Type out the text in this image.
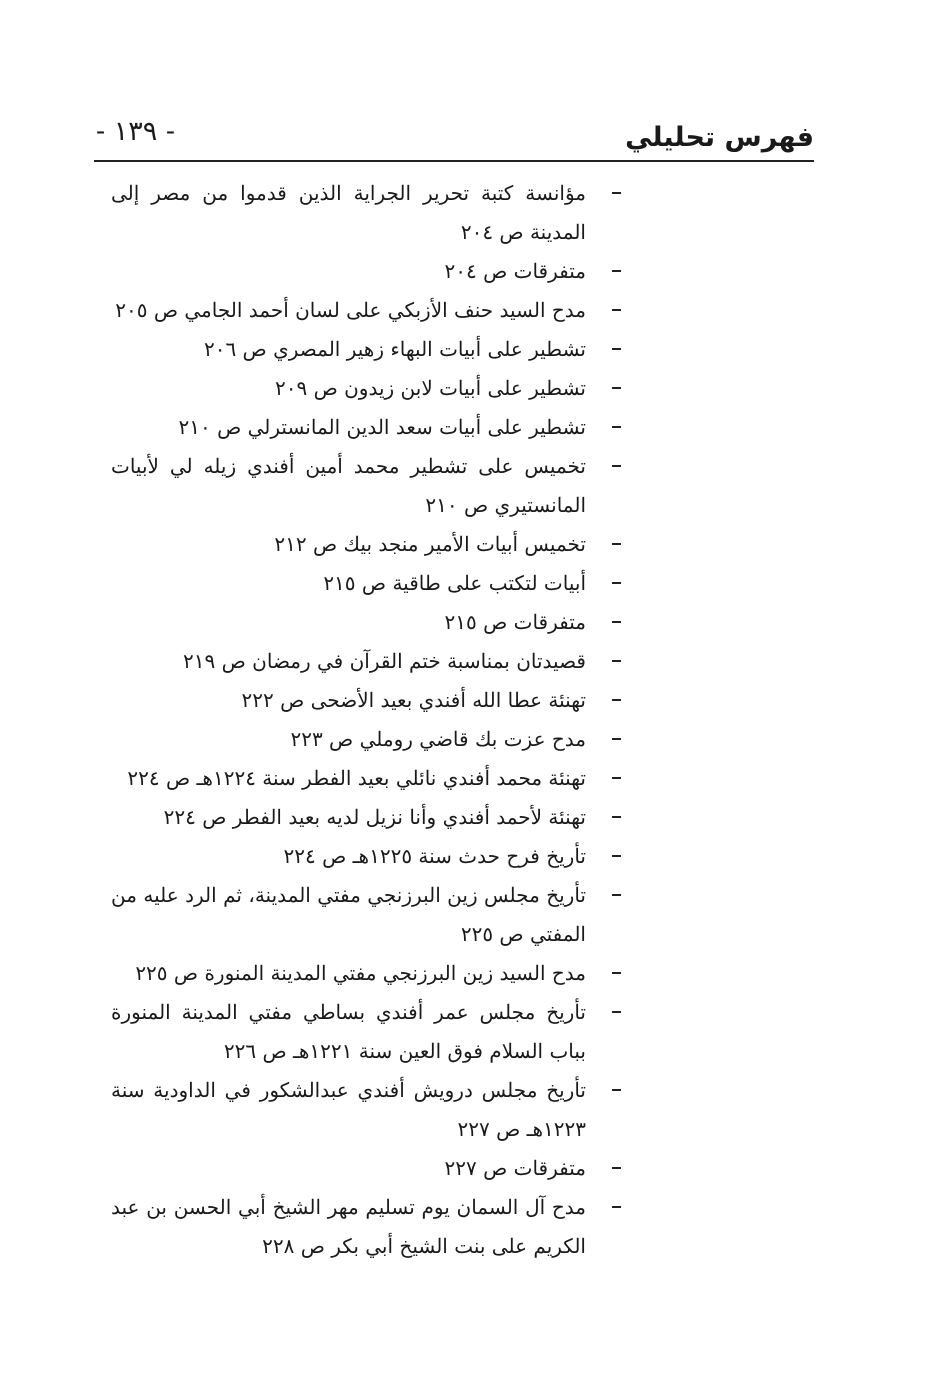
فهرس تحليلي
- ١٣٩ -
مؤانسة كتبة تحرير الجراية الذين قدموا من مصر إلى المدينة ص ٢٠٤
متفرقات ص ٢٠٤
مدح السيد حنف الأزبكي على لسان أحمد الجامي ص ٢٠٥
تشطير على أبيات البهاء زهير المصري ص ٢٠٦
تشطير على أبيات لابن زيدون ص ٢٠٩
تشطير على أبيات سعد الدين المانسترلي ص ٢١٠
تخميس على تشطير محمد أمين أفندي زيله لي لأبيات المانستيري ص ٢١٠
تخميس أبيات الأمير منجد بيك ص ٢١٢
أبيات لتكتب على طاقية ص ٢١٥
متفرقات ص ٢١٥
قصيدتان بمناسبة ختم القرآن في رمضان ص ٢١٩
تهنئة عطا الله أفندي بعيد الأضحى ص ٢٢٢
مدح عزت بك قاضي روملي ص ٢٢٣
تهنئة محمد أفندي نائلي بعيد الفطر سنة ١٢٢٤هـ ص ٢٢٤
تهنئة لأحمد أفندي وأنا نزيل لديه بعيد الفطر ص ٢٢٤
تأريخ فرح حدث سنة ١٢٢٥هـ ص ٢٢٤
تأريخ مجلس زين البرزنجي مفتي المدينة، ثم الرد عليه من المفتي ص ٢٢٥
مدح السيد زين البرزنجي مفتي المدينة المنورة ص ٢٢٥
تأريخ مجلس عمر أفندي بساطي مفتي المدينة المنورة بباب السلام فوق العين سنة ١٢٢١هـ ص ٢٢٦
تأريخ مجلس درويش أفندي عبدالشكور في الداودية سنة ١٢٢٣هـ ص ٢٢٧
متفرقات ص ٢٢٧
مدح آل السمان يوم تسليم مهر الشيخ أبي الحسن بن عبد الكريم على بنت الشيخ أبي بكر ص ٢٢٨
